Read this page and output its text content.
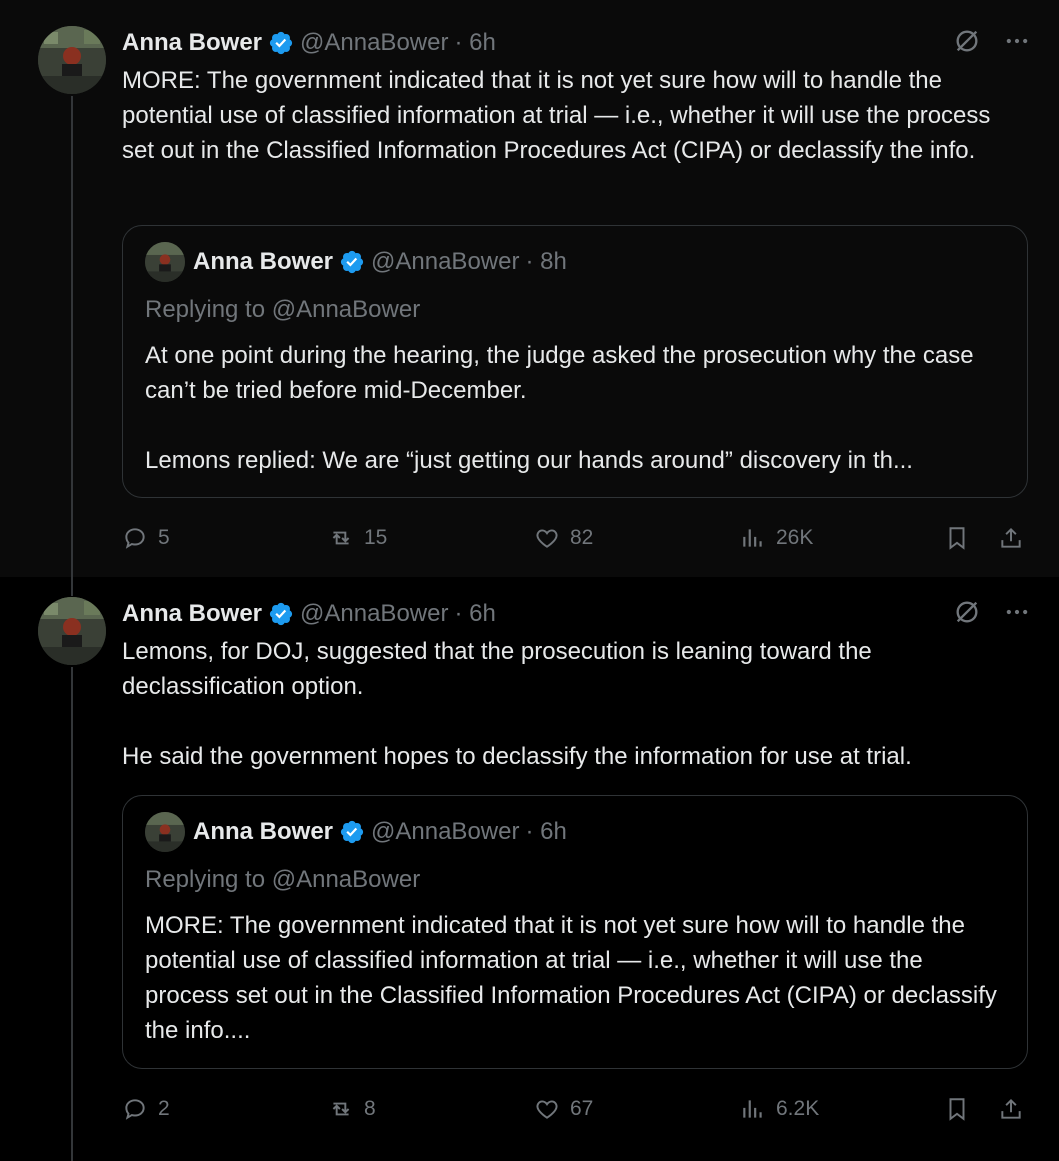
Anna Bower @AnnaBower · 6h
MORE: The government indicated that it is not yet sure how will to handle the potential use of classified information at trial — i.e., whether it will use the process set out in the Classified Information Procedures Act (CIPA) or declassify the info.
Anna Bower @AnnaBower · 8h
Replying to @AnnaBower
At one point during the hearing, the judge asked the prosecution why the case can’t be tried before mid-December.

Lemons replied: We are “just getting our hands around” discovery in th...
5	15	82	26K
Anna Bower @AnnaBower · 6h
Lemons, for DOJ, suggested that the prosecution is leaning toward the declassification option.

He said the government hopes to declassify the information for use at trial.
Anna Bower @AnnaBower · 6h
Replying to @AnnaBower
MORE: The government indicated that it is not yet sure how will to handle the potential use of classified information at trial — i.e., whether it will use the process set out in the Classified Information Procedures Act (CIPA) or declassify the info....
2	8	67	6.2K
